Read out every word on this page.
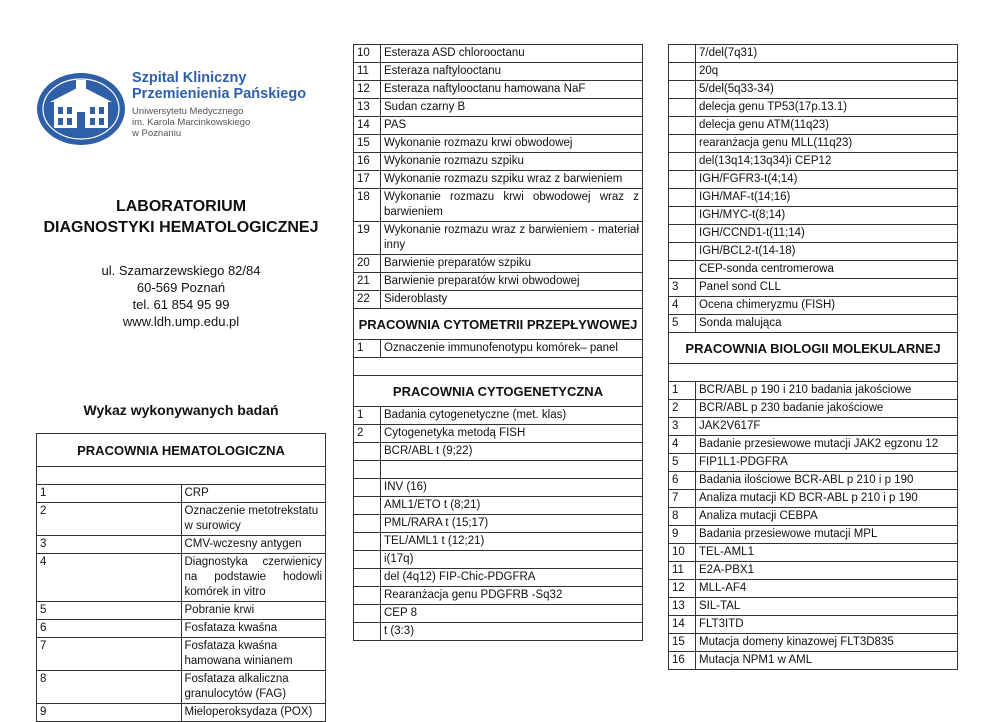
Szpital Kliniczny
Przemienienia Pańskiego
Uniwersytetu Medycznego
im. Karola Marcinkowskiego
w Poznaniu
LABORATORIUM
DIAGNOSTYKI HEMATOLOGICZNEJ
ul. Szamarzewskiego 82/84
60-569 Poznań
tel. 61 854 95 99
www.ldh.ump.edu.pl
Wykaz wykonywanych badań
PRACOWNIA HEMATOLOGICZNA	

1	CRP
2	Oznaczenie metotrekstatu w surowicy
3	CMV-wczesny antygen
4	Diagnostyka czerwienicy na podstawie hodowli komórek in vitro
5	Pobranie krwi
6	Fosfataza kwaśna
7	Fosfataza kwaśna hamowana winianem
8	Fosfataza alkaliczna granulocytów (FAG)
9	Mieloperoksydaza (POX)
10	Esteraza ASD chlorooctanu
11	Esteraza naftylooctanu
12	Esteraza naftylooctanu hamowana NaF
13	Sudan czarny B
14	PAS
15	Wykonanie rozmazu krwi obwodowej
16	Wykonanie rozmazu szpiku
17	Wykonanie rozmazu szpiku wraz z barwieniem
18	Wykonanie rozmazu krwi obwodowej wraz z barwieniem
19	Wykonanie rozmazu wraz z barwieniem - materiał inny
20	Barwienie preparatów szpiku
21	Barwienie preparatów krwi obwodowej
22	Sideroblasty
PRACOWNIA CYTOMETRII PRZEPŁYWOWEJ	
1	Oznaczenie immunofenotypu komórek– panel

PRACOWNIA CYTOGENETYCZNA	
1	Badania cytogenetyczne (met. klas)
2	Cytogenetyka metodą FISH
	BCR/ABL t (9;22)

	INV (16)
	AML1/ETO t (8;21)
	PML/RARA t (15;17)
	TEL/AML1 t (12;21)
	i(17q)
	del (4q12) FIP-Chic-PDGFRA
	Rearanżacja genu PDGFRB -Sq32
	CEP 8
	t (3:3)
	7/del(7q31)
	20q
	5/del(5q33-34)
	delecja genu TP53(17p.13.1)
	delecja genu ATM(11q23)
	rearanżacja genu MLL(11q23)
	del(13q14;13q34)i CEP12
	IGH/FGFR3-t(4;14)
	IGH/MAF-t(14;16)
	IGH/MYC-t(8;14)
	IGH/CCND1-t(11;14)
	IGH/BCL2-t(14-18)
	CEP-sonda centromerowa
3	Panel sond CLL
4	Ocena chimeryzmu (FISH)
5	Sonda malująca
PRACOWNIA BIOLOGII MOLEKULARNEJ	

1	BCR/ABL p 190 i 210 badania jakościowe
2	BCR/ABL p 230 badanie jakościowe
3	JAK2V617F
4	Badanie przesiewowe mutacji JAK2 egzonu 12
5	FIP1L1-PDGFRA
6	Badania ilościowe BCR-ABL p 210 i p 190
7	Analiza mutacji KD BCR-ABL p 210 i p 190
8	Analiza mutacji CEBPA
9	Badania przesiewowe mutacji MPL
10	TEL-AML1
11	E2A-PBX1
12	MLL-AF4
13	SIL-TAL
14	FLT3ITD
15	Mutacja domeny kinazowej FLT3D835
16	Mutacja NPM1 w AML
